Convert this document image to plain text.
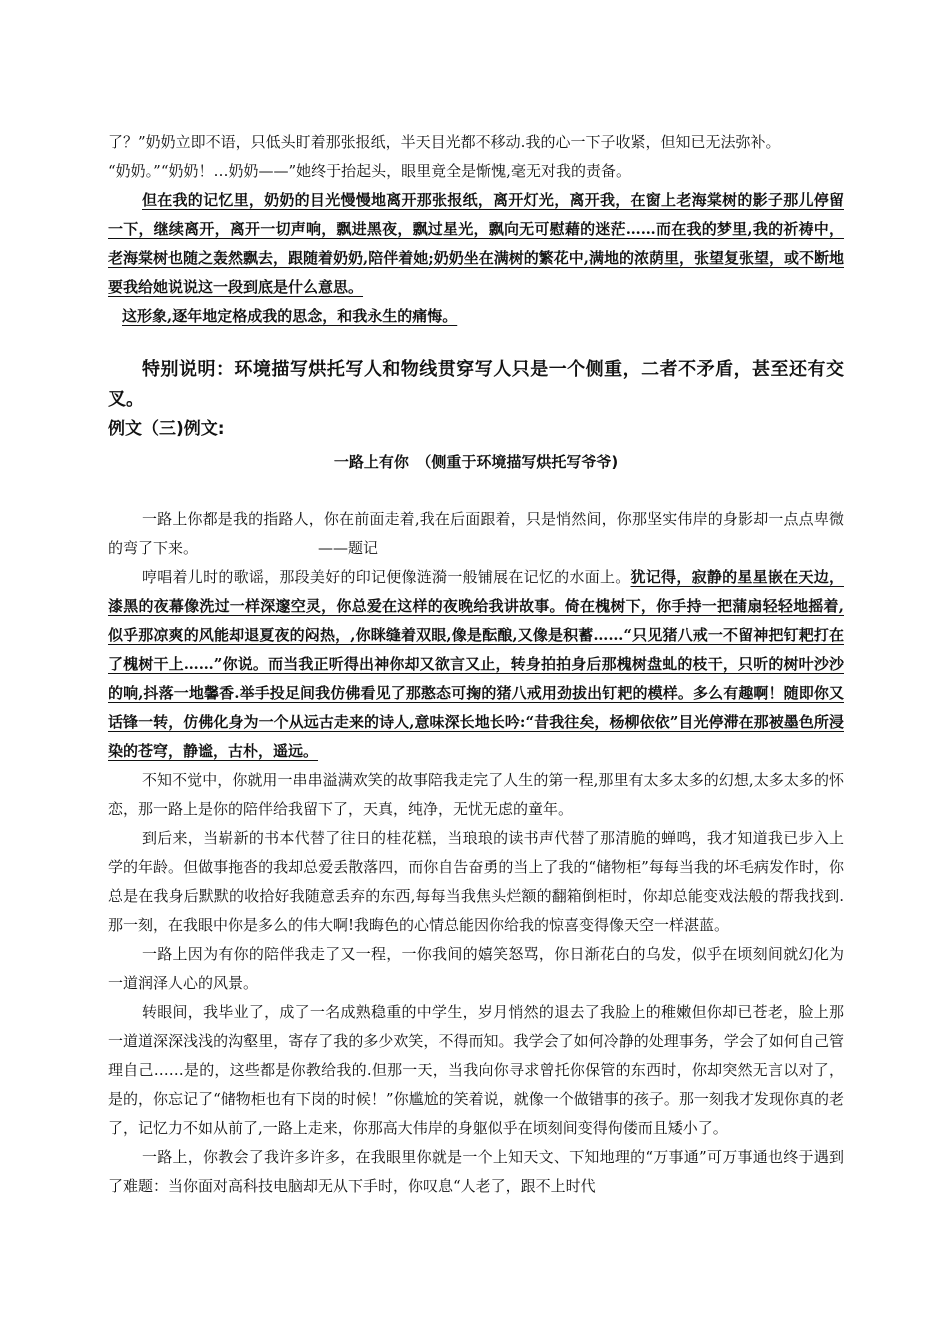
了？”奶奶立即不语，只低头盯着那张报纸，半天目光都不移动.我的心一下子收紧，但知已无法弥补。

“奶奶。”“奶奶！…奶奶——”她终于抬起头，眼里竟全是惭愧,毫无对我的责备。

但在我的记忆里，奶奶的目光慢慢地离开那张报纸，离开灯光，离开我，在窗上老海棠树的影子那儿停留一下，继续离开，离开一切声响，飘进黑夜，飘过星光，飘向无可慰藉的迷茫……而在我的梦里,我的祈祷中，老海棠树也随之轰然飘去，跟随着奶奶,陪伴着她;奶奶坐在满树的繁花中,满地的浓荫里，张望复张望，或不断地要我给她说说这一段到底是什么意思。

这形象,逐年地定格成我的思念，和我永生的痛悔。

特别说明：环境描写烘托写人和物线贯穿写人只是一个侧重，二者不矛盾，甚至还有交叉。

例文（三)例文:

一路上有你　（侧重于环境描写烘托写爷爷)

一路上你都是我的指路人，你在前面走着,我在后面跟着，只是悄然间，你那坚实伟岸的身影却一点点卑微的弯了下来。	——题记

哼唱着儿时的歌谣，那段美好的印记便像涟漪一般铺展在记忆的水面上。犹记得，寂静的星星嵌在天边，漆黑的夜幕像洗过一样深邃空灵，你总爱在这样的夜晚给我讲故事。倚在槐树下，你手持一把蒲扇轻轻地摇着,似乎那凉爽的风能却退夏夜的闷热，,你眯缝着双眼,像是酝酿,又像是积蓄……“只见猪八戒一不留神把钉耙打在了槐树干上……”你说。而当我正听得出神你却又欲言又止，转身拍拍身后那槐树盘虬的枝干，只听的树叶沙沙的响,抖落一地馨香.举手投足间我仿佛看见了那憨态可掬的猪八戒用劲拔出钉耙的模样。多么有趣啊！随即你又话锋一转，仿佛化身为一个从远古走来的诗人,意味深长地长吟:“昔我往矣，杨柳依依”目光停滞在那被墨色所浸染的苍穹，静谧，古朴，遥远。

不知不觉中，你就用一串串溢满欢笑的故事陪我走完了人生的第一程,那里有太多太多的幻想,太多太多的怀恋，那一路上是你的陪伴给我留下了，天真，纯净，无忧无虑的童年。

到后来，当崭新的书本代替了往日的桂花糕，当琅琅的读书声代替了那清脆的蝉鸣，我才知道我已步入上学的年龄。但做事拖沓的我却总爱丢散落四，而你自告奋勇的当上了我的“储物柜”每每当我的坏毛病发作时，你总是在我身后默默的收拾好我随意丢弃的东西,每每当我焦头烂额的翻箱倒柜时，你却总能变戏法般的帮我找到.那一刻，在我眼中你是多么的伟大啊!我晦色的心情总能因你给我的惊喜变得像天空一样湛蓝。

一路上因为有你的陪伴我走了又一程，一你我间的嬉笑怒骂，你日渐花白的乌发，似乎在顷刻间就幻化为一道润泽人心的风景。

转眼间，我毕业了，成了一名成熟稳重的中学生，岁月悄然的退去了我脸上的稚嫩但你却已苍老，脸上那一道道深深浅浅的沟壑里，寄存了我的多少欢笑，不得而知。我学会了如何冷静的处理事务，学会了如何自己管理自己……是的，这些都是你教给我的.但那一天，当我向你寻求曾托你保管的东西时，你却突然无言以对了，是的，你忘记了“储物柜也有下岗的时候！”你尴尬的笑着说，就像一个做错事的孩子。那一刻我才发现你真的老了，记忆力不如从前了,一路上走来，你那高大伟岸的身躯似乎在顷刻间变得佝偻而且矮小了。

一路上，你教会了我许多许多，在我眼里你就是一个上知天文、下知地理的“万事通”可万事通也终于遇到了难题：当你面对高科技电脑却无从下手时，你叹息“人老了，跟不上时代
